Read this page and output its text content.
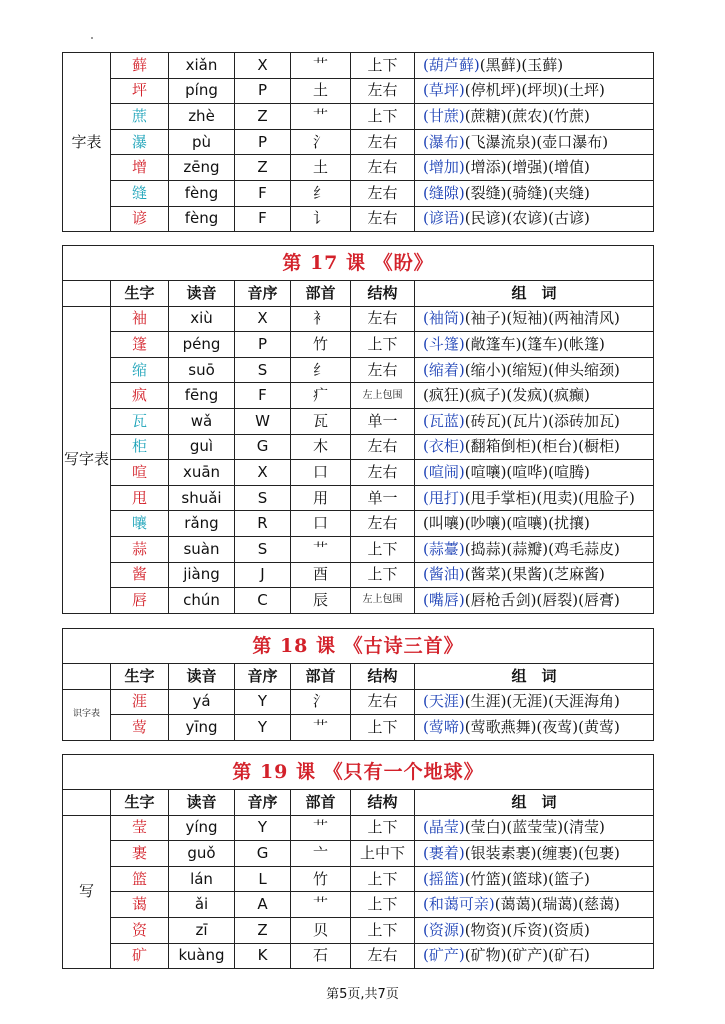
字表	藓	xiǎn	X	艹	上下	(葫芦藓)(黑藓)(玉藓)
	坪	píng	P	土	左右	(草坪)(停机坪)(坪坝)(土坪)
	蔗	zhè	Z	艹	上下	(甘蔗)(蔗糖)(蔗农)(竹蔗)
	瀑	pù	P	氵	左右	(瀑布)(飞瀑流泉)(壶口瀑布)
	增	zēng	Z	土	左右	(增加)(增添)(增强)(增值)
	缝	fèng	F	纟	左右	(缝隙)(裂缝)(骑缝)(夹缝)
	谚	fèng	F	讠	左右	(谚语)(民谚)(农谚)(古谚)
第 17 课 《盼》						
	生字	读音	音序	部首	结构	组　词
写字表	袖	xiù	X	衤	左右	(袖筒)(袖子)(短袖)(两袖清风)
	篷	péng	P	竹	上下	(斗篷)(敞篷车)(篷车)(帐篷)
	缩	suō	S	纟	左右	(缩着)(缩小)(缩短)(伸头缩颈)
	疯	fēng	F	疒	左上包围	(疯狂)(疯子)(发疯)(疯癫)
	瓦	wǎ	W	瓦	单一	(瓦蓝)(砖瓦)(瓦片)(添砖加瓦)
	柜	guì	G	木	左右	(衣柜)(翻箱倒柜)(柜台)(橱柜)
	喧	xuān	X	口	左右	(喧闹)(喧嚷)(喧哗)(喧腾)
	甩	shuǎi	S	用	单一	(甩打)(甩手掌柜)(甩卖)(甩脸子)
	嚷	rǎng	R	口	左右	(叫嚷)(吵嚷)(喧嚷)(扰攘)
	蒜	suàn	S	艹	上下	(蒜薹)(捣蒜)(蒜瓣)(鸡毛蒜皮)
	酱	jiàng	J	酉	上下	(酱油)(酱菜)(果酱)(芝麻酱)
	唇	chún	C	辰	左上包围	(嘴唇)(唇枪舌剑)(唇裂)(唇膏)
第 18 课 《古诗三首》						
	生字	读音	音序	部首	结构	组　词
识字表	涯	yá	Y	氵	左右	(天涯)(生涯)(无涯)(天涯海角)
	莺	yīng	Y	艹	上下	(莺啼)(莺歌燕舞)(夜莺)(黄莺)
第 19 课 《只有一个地球》						
	生字	读音	音序	部首	结构	组　词
写	莹	yíng	Y	艹	上下	(晶莹)(莹白)(蓝莹莹)(清莹)
	裹	guǒ	G	亠	上中下	(裹着)(银装素裹)(缠裹)(包裹)
	篮	lán	L	竹	上下	(摇篮)(竹篮)(篮球)(篮子)
	蔼	ǎi	A	艹	上下	(和蔼可亲)(蔼蔼)(瑞蔼)(慈蔼)
	资	zī	Z	贝	上下	(资源)(物资)(斥资)(资质)
	矿	kuàng	K	石	左右	(矿产)(矿物)(矿产)(矿石)
第5页,共7页
